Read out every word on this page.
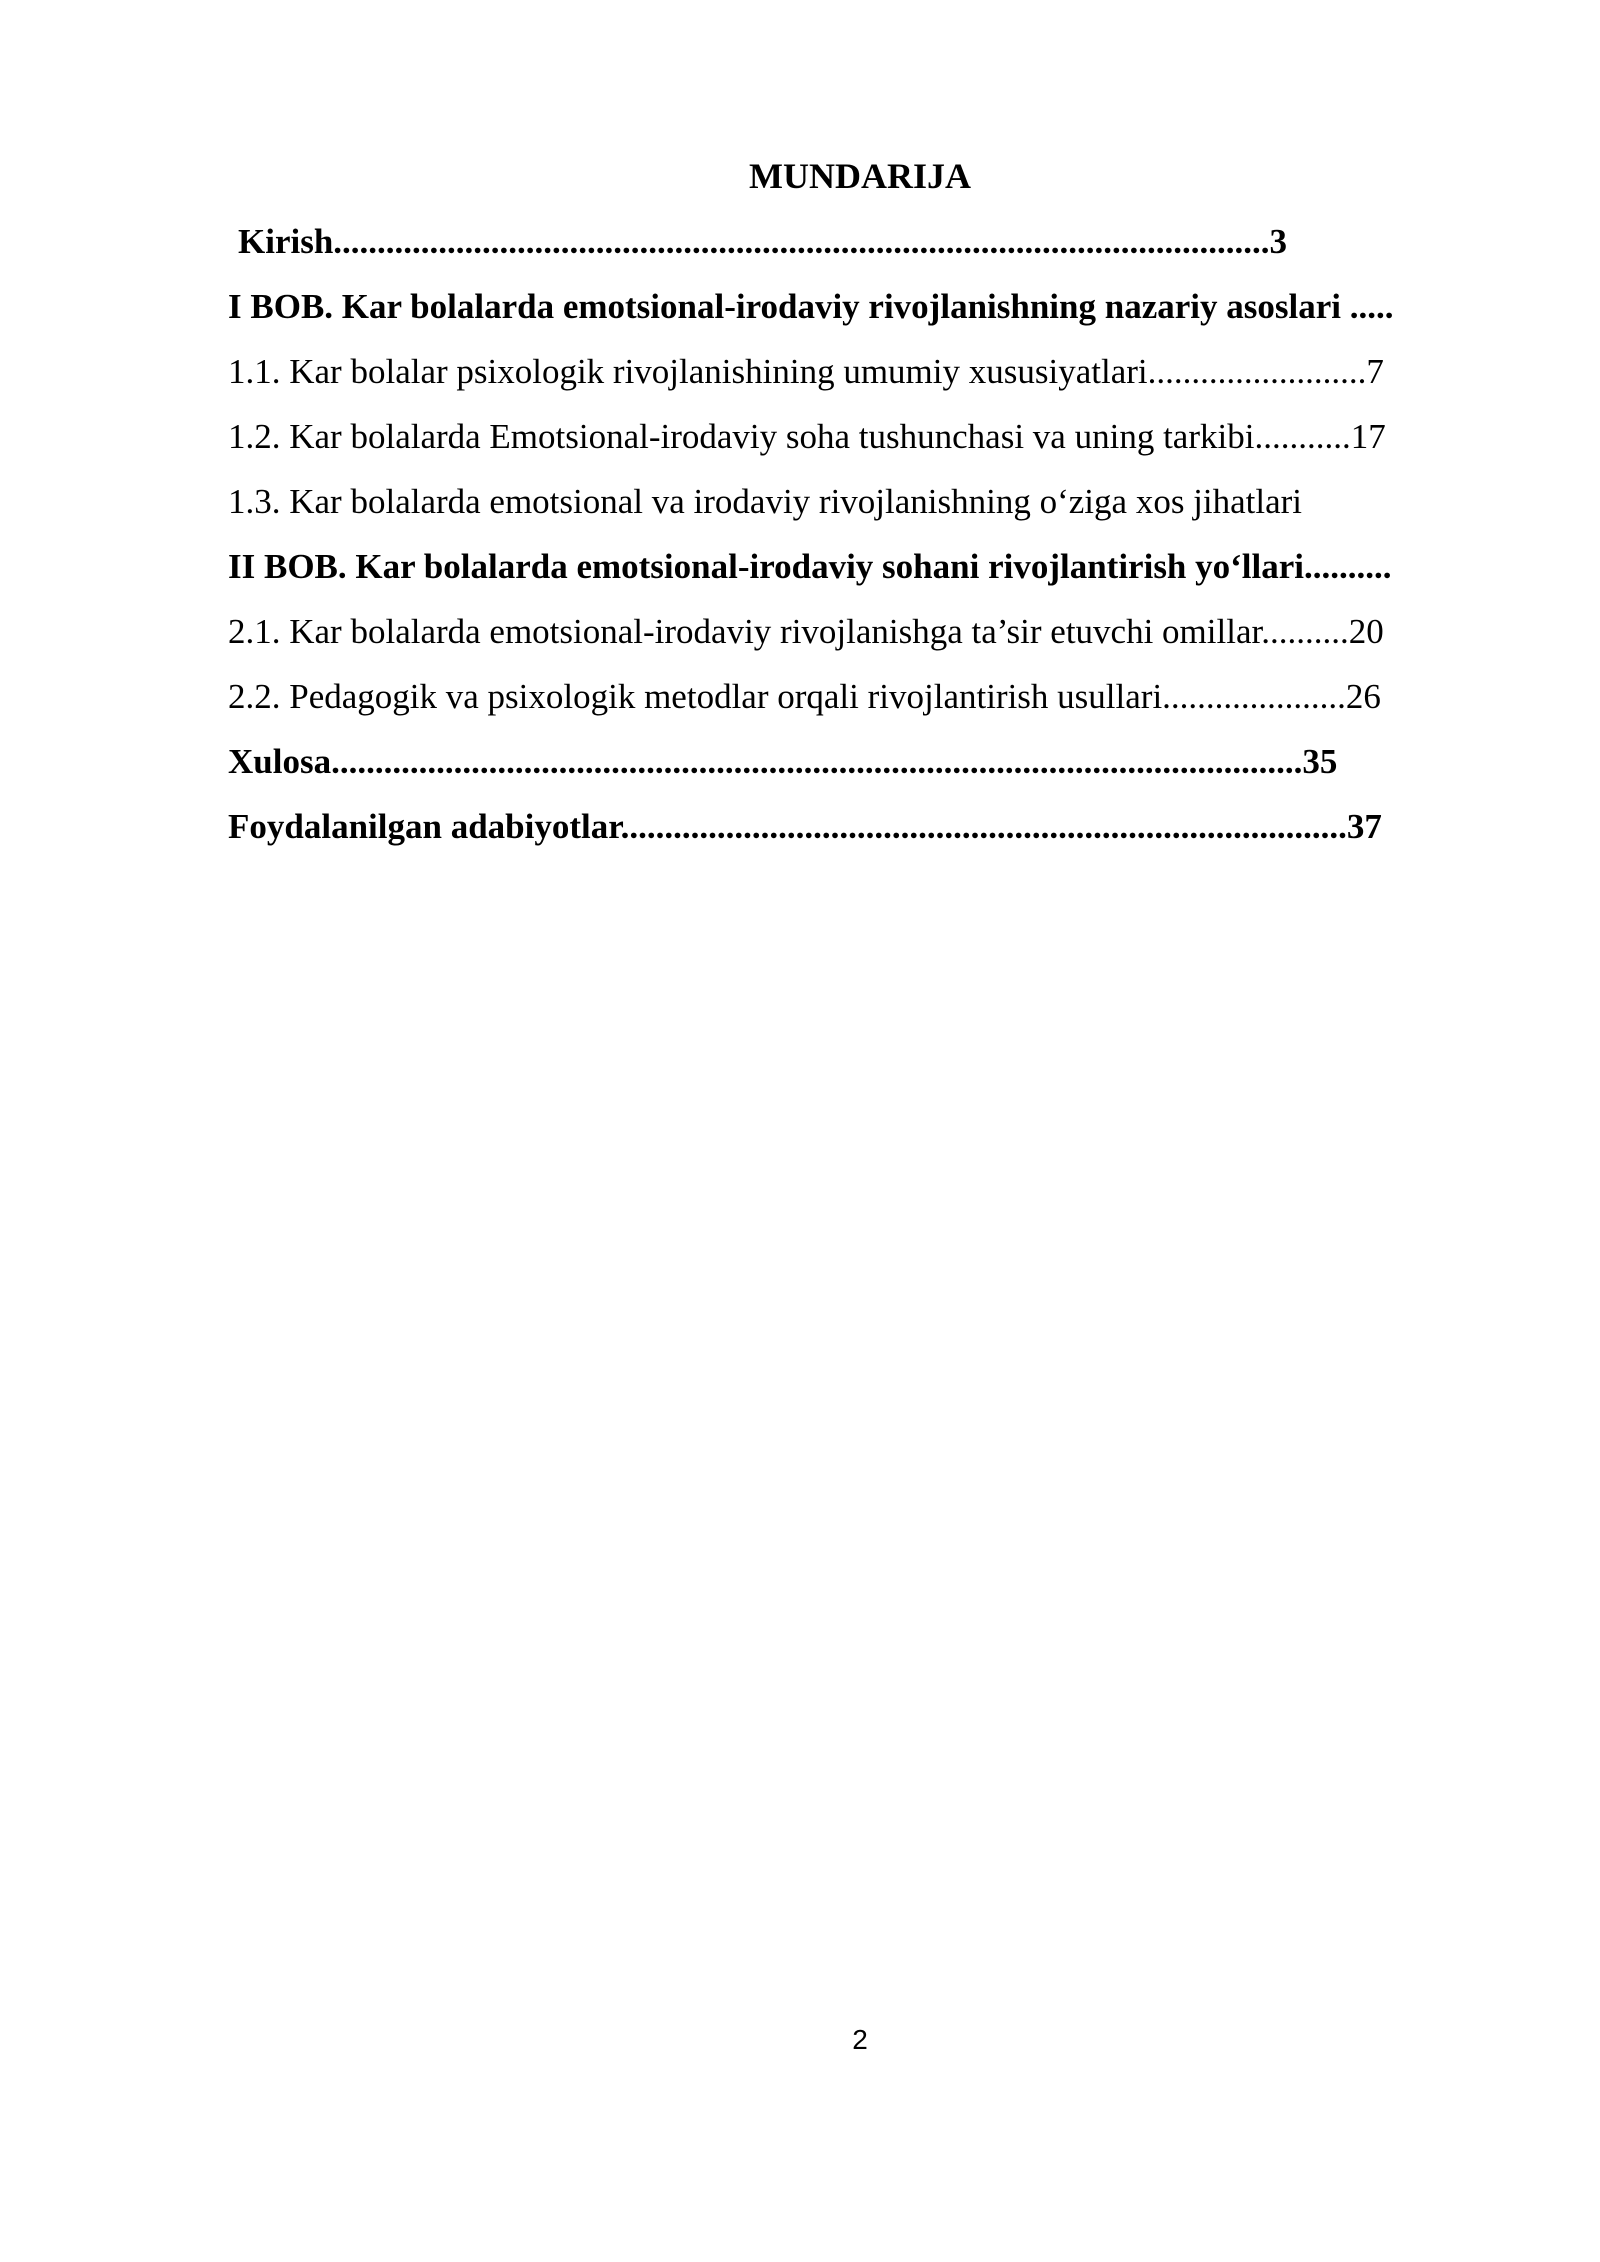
MUNDARIJA
Kirish...........................................................................................................3
I BOB. Kar bolalarda emotsional-irodaviy rivojlanishning nazariy asoslari .....
1.1. Kar bolalar psixologik rivojlanishining umumiy xususiyatlari.........................7
1.2. Kar bolalarda Emotsional-irodaviy soha tushunchasi va uning tarkibi...........17
1.3. Kar bolalarda emotsional va irodaviy rivojlanishning o‘ziga xos jihatlari
II BOB. Kar bolalarda emotsional-irodaviy sohani rivojlantirish yo‘llari..........
2.1. Kar bolalarda emotsional-irodaviy rivojlanishga ta’sir etuvchi omillar..........20
2.2. Pedagogik va psixologik metodlar orqali rivojlantirish usullari.....................26
Xulosa...............................................................................................................35
Foydalanilgan adabiyotlar...................................................................................37
2
